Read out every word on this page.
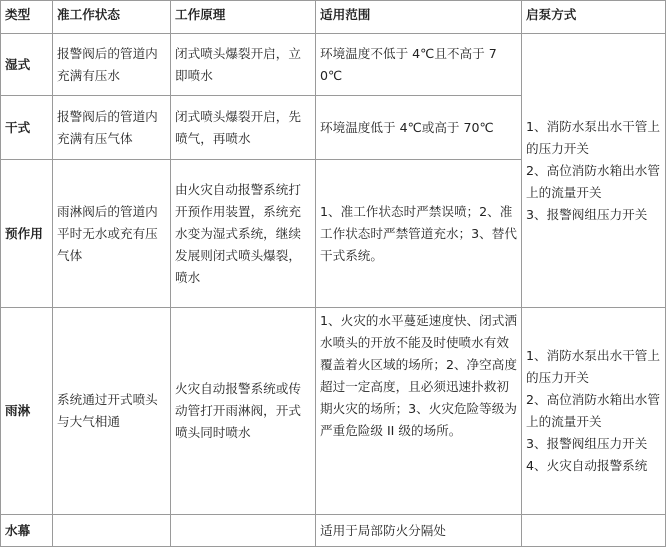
类型	准工作状态	工作原理	适用范围	启泵方式
湿式	报警阀后的管道内充满有压水	闭式喷头爆裂开启，立即喷水	环境温度不低于 4℃且不高于 70℃	1、消防水泵出水干管上的压力开关
2、高位消防水箱出水管上的流量开关
3、报警阀组压力开关

干式	报警阀后的管道内充满有压气体	闭式喷头爆裂开启，先喷气，再喷水	环境温度低于 4℃或高于 70℃	
预作用	雨淋阀后的管道内平时无水或充有压气体	由火灾自动报警系统打开预作用装置，系统充水变为湿式系统，继续发展则闭式喷头爆裂，喷水	1、准工作状态时严禁误喷；2、准工作状态时严禁管道充水；3、替代干式系统。	
雨淋	系统通过开式喷头与大气相通	火灾自动报警系统或传动管打开雨淋阀，开式喷头同时喷水	1、火灾的水平蔓延速度快、闭式洒水喷头的开放不能及时使喷水有效覆盖着火区域的场所；2、净空高度超过一定高度，且必须迅速扑救初期火灾的场所；3、火灾危险等级为严重危险级 II 级的场所。	1、消防水泵出水干管上的压力开关
2、高位消防水箱出水管上的流量开关
3、报警阀组压力开关
4、火灾自动报警系统

水幕			适用于局部防火分隔处	
